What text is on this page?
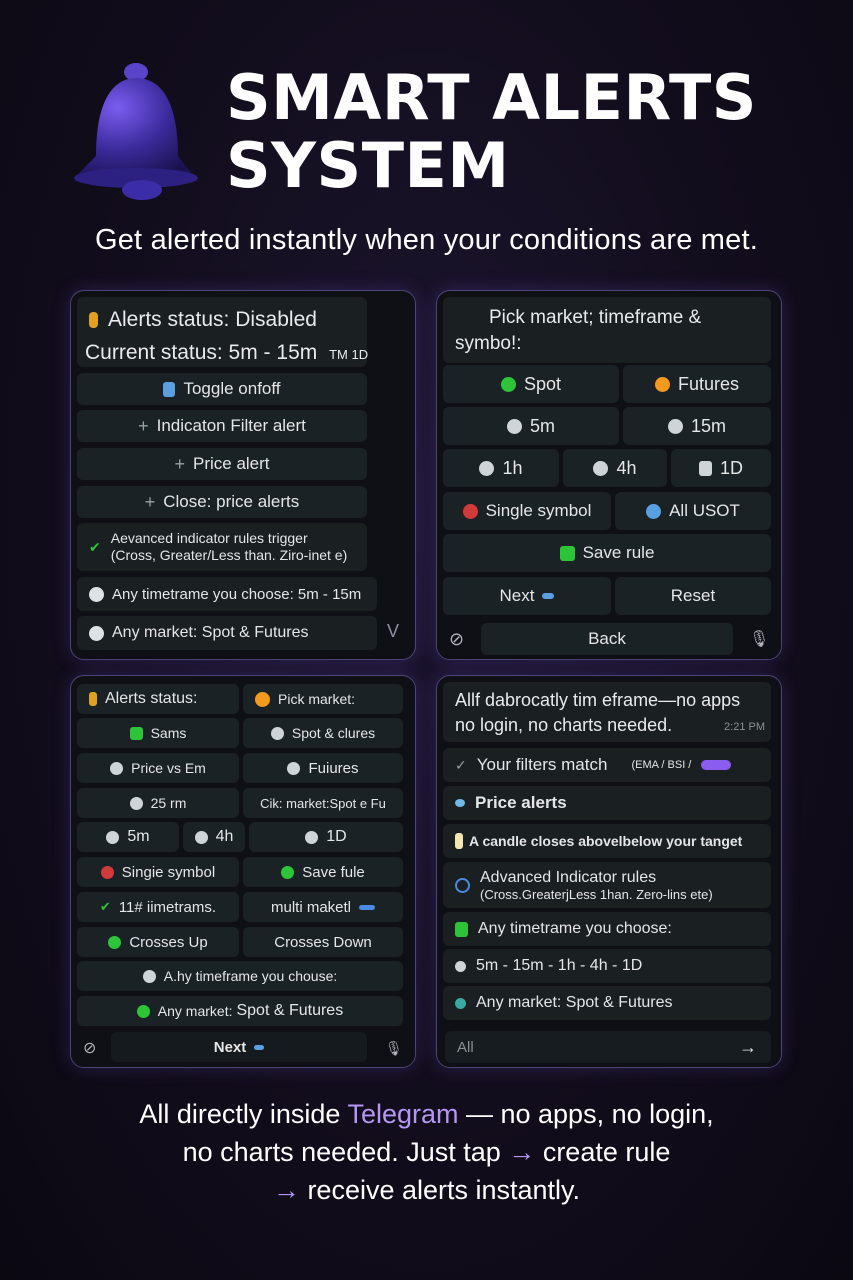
SMART ALERTS
SYSTEM
Get alerted instantly when your conditions are met.
Alerts status: Disabled
Current status: 5m - 15m TM 1D
Toggle onfoff
+ Indicaton Filter alert
+ Price alert
+ Close: price alerts
✔
Aevanced indicator rules trigger
(Cross, Greater/Less than. Ziro-inet e)
Any timetrame you choose: 5m - 15m
Any market: Spot & Futures	V
Pick market; timeframe &
symbo!:
Spot	Futures
5m	15m
1h	4h	1D
Single symbol	All USOT
Save rule
Next	Reset
⊘	Back	🎙
Alerts status:	Pick market:
Sams	Spot & clures
Price vs Em	Fuiures
25 rm	Cik: market:Spot e Fu
5m	4h	1D
Singie symbol	Save fule
✔ 11# iimetrams.	multi maketl
Crosses Up	Crosses Down
A.hy timeframe you chouse:
Any market: Spot & Futures
⊘	Next	🎙
Allf dabrocatly tim eframe—no apps
no login, no charts needed.	2:21 PM
✓ Your filters match (EMA / BSI /
Price alerts
A candle closes abovelbelow your tanget
Advanced Indicator rules
(Cross.GreaterjLess 1han. Zero-lins ete)
Any timetrame you choose:
5m - 15m - 1h - 4h - 1D
Any market: Spot & Futures
All	→
All directly inside Telegram — no apps, no login,
no charts needed. Just tap → create rule
→ receive alerts instantly.
